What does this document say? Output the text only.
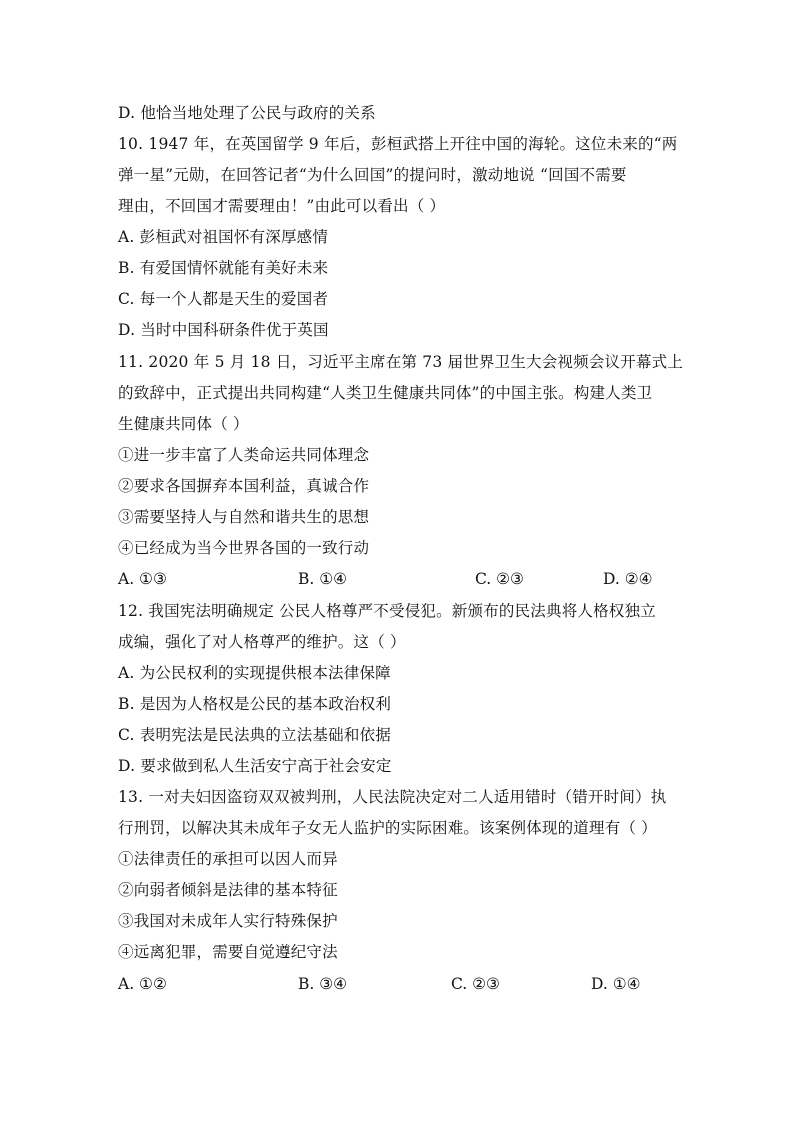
D. 他恰当地处理了公民与政府的关系
10. 1947 年，在英国留学 9 年后，彭桓武搭上开往中国的海轮。这位未来的“两
弹一星”元勋，在回答记者“为什么回国”的提问时，激动地说 “回国不需要
理由，不回国才需要理由！”由此可以看出（ ）
A. 彭桓武对祖国怀有深厚感情
B. 有爱国情怀就能有美好未来
C. 每一个人都是天生的爱国者
D. 当时中国科研条件优于英国
11. 2020 年 5 月 18 日，习近平主席在第 73 届世界卫生大会视频会议开幕式上
的致辞中，正式提出共同构建“人类卫生健康共同体”的中国主张。构建人类卫
生健康共同体（ ）
①进一步丰富了人类命运共同体理念
②要求各国摒弃本国利益，真诚合作
③需要坚持人与自然和谐共生的思想
④已经成为当今世界各国的一致行动
A. ①③	B. ①④	C. ②③	D. ②④
12. 我国宪法明确规定 公民人格尊严不受侵犯。新颁布的民法典将人格权独立
成编，强化了对人格尊严的维护。这（ ）
A. 为公民权利的实现提供根本法律保障
B. 是因为人格权是公民的基本政治权利
C. 表明宪法是民法典的立法基础和依据
D. 要求做到私人生活安宁高于社会安定
13. 一对夫妇因盗窃双双被判刑，人民法院决定对二人适用错时（错开时间）执
行刑罚，以解决其未成年子女无人监护的实际困难。该案例体现的道理有（ ）
①法律责任的承担可以因人而异
②向弱者倾斜是法律的基本特征
③我国对未成年人实行特殊保护
④远离犯罪，需要自觉遵纪守法
A. ①②	B. ③④	C. ②③	D. ①④
